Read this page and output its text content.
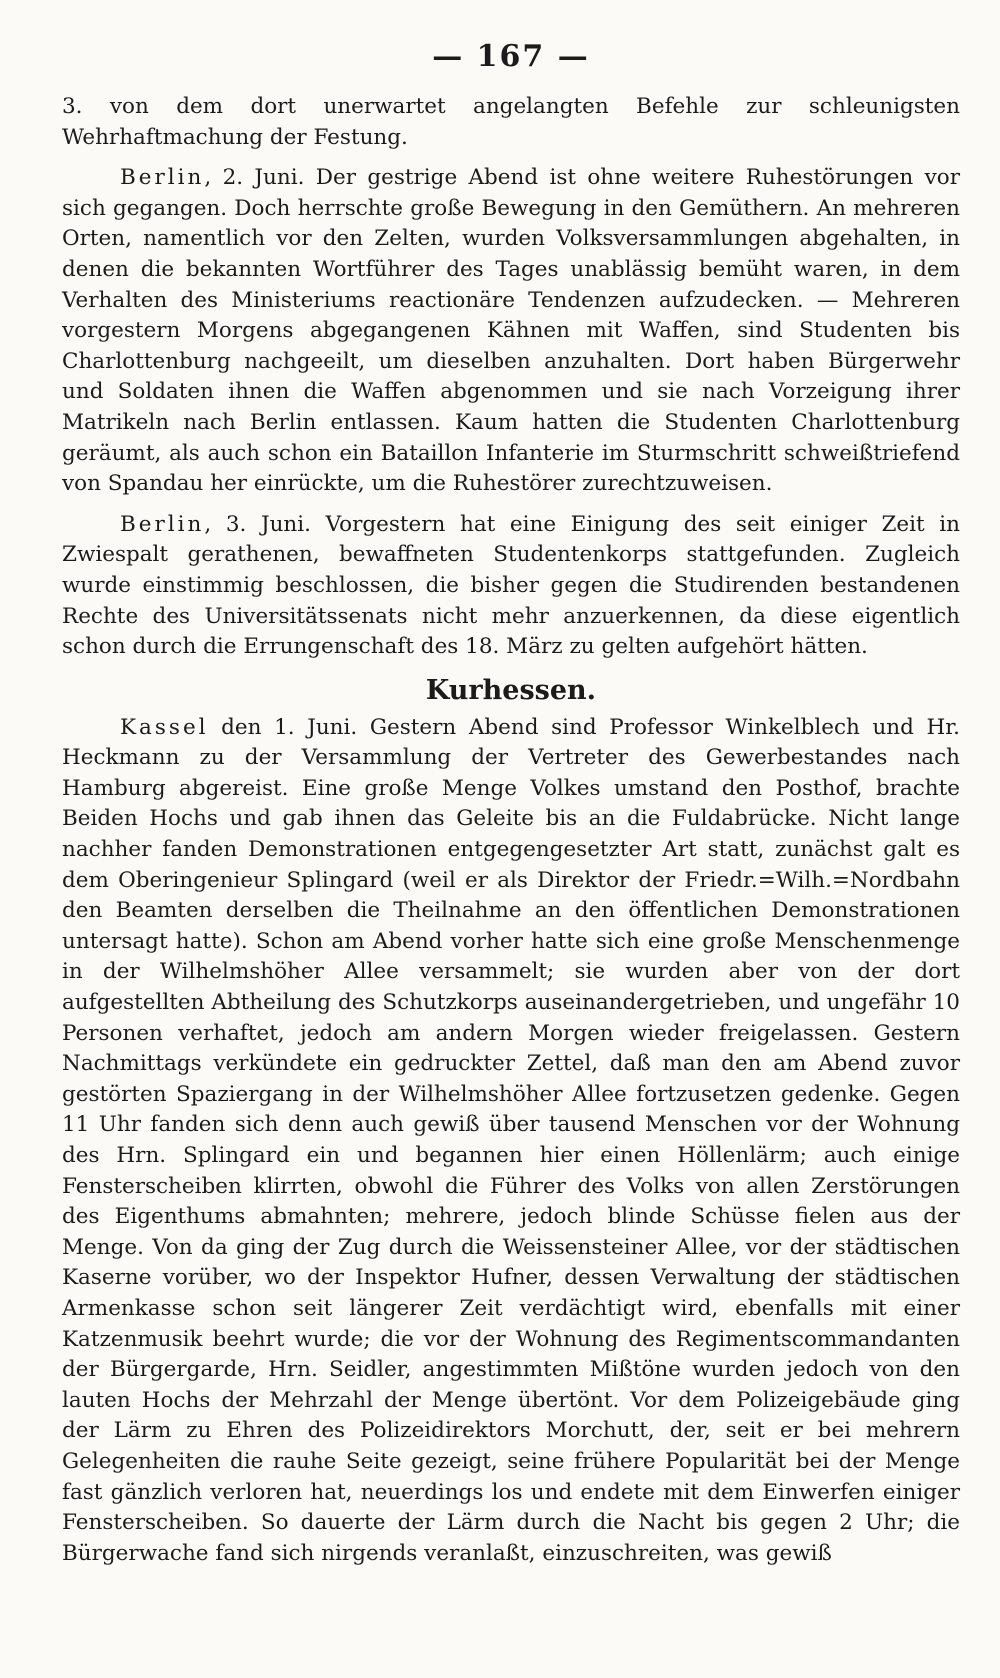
— 167 —

3. von dem dort unerwartet angelangten Befehle zur schleunigsten Wehrhaftmachung der Festung.

Berlin, 2. Juni. Der gestrige Abend ist ohne weitere Ruhestörungen vor sich gegangen. Doch herrschte große Bewegung in den Gemüthern. An mehreren Orten, namentlich vor den Zelten, wurden Volksversammlungen abgehalten, in denen die bekannten Wortführer des Tages unablässig bemüht waren, in dem Verhalten des Ministeriums reactionäre Tendenzen aufzudecken. — Mehreren vorgestern Morgens abgegangenen Kähnen mit Waffen, sind Studenten bis Charlottenburg nachgeeilt, um dieselben anzuhalten. Dort haben Bürgerwehr und Soldaten ihnen die Waffen abgenommen und sie nach Vorzeigung ihrer Matrikeln nach Berlin entlassen. Kaum hatten die Studenten Charlottenburg geräumt, als auch schon ein Bataillon Infanterie im Sturmschritt schweißtriefend von Spandau her einrückte, um die Ruhestörer zurechtzuweisen.

Berlin, 3. Juni. Vorgestern hat eine Einigung des seit einiger Zeit in Zwiespalt gerathenen, bewaffneten Studentenkorps stattgefunden. Zugleich wurde einstimmig beschlossen, die bisher gegen die Studirenden bestandenen Rechte des Universitätssenats nicht mehr anzuerkennen, da diese eigentlich schon durch die Errungenschaft des 18. März zu gelten aufgehört hätten.

Kurhessen.

Kassel den 1. Juni. Gestern Abend sind Professor Winkelblech und Hr. Heckmann zu der Versammlung der Vertreter des Gewerbestandes nach Hamburg abgereist. Eine große Menge Volkes umstand den Posthof, brachte Beiden Hochs und gab ihnen das Geleite bis an die Fuldabrücke. Nicht lange nachher fanden Demonstrationen entgegengesetzter Art statt, zunächst galt es dem Oberingenieur Splingard (weil er als Direktor der Friedr.=Wilh.=Nordbahn den Beamten derselben die Theilnahme an den öffentlichen Demonstrationen untersagt hatte). Schon am Abend vorher hatte sich eine große Menschenmenge in der Wilhelmshöher Allee versammelt; sie wurden aber von der dort aufgestellten Abtheilung des Schutzkorps auseinandergetrieben, und ungefähr 10 Personen verhaftet, jedoch am andern Morgen wieder freigelassen. Gestern Nachmittags verkündete ein gedruckter Zettel, daß man den am Abend zuvor gestörten Spaziergang in der Wilhelmshöher Allee fortzusetzen gedenke. Gegen 11 Uhr fanden sich denn auch gewiß über tausend Menschen vor der Wohnung des Hrn. Splingard ein und begannen hier einen Höllenlärm; auch einige Fensterscheiben klirrten, obwohl die Führer des Volks von allen Zerstörungen des Eigenthums abmahnten; mehrere, jedoch blinde Schüsse fielen aus der Menge. Von da ging der Zug durch die Weissensteiner Allee, vor der städtischen Kaserne vorüber, wo der Inspektor Hufner, dessen Verwaltung der städtischen Armenkasse schon seit längerer Zeit verdächtigt wird, ebenfalls mit einer Katzenmusik beehrt wurde; die vor der Wohnung des Regimentscommandanten der Bürgergarde, Hrn. Seidler, angestimmten Mißtöne wurden jedoch von den lauten Hochs der Mehrzahl der Menge übertönt. Vor dem Polizeigebäude ging der Lärm zu Ehren des Polizeidirektors Morchutt, der, seit er bei mehrern Gelegenheiten die rauhe Seite gezeigt, seine frühere Popularität bei der Menge fast gänzlich verloren hat, neuerdings los und endete mit dem Einwerfen einiger Fensterscheiben. So dauerte der Lärm durch die Nacht bis gegen 2 Uhr; die Bürgerwache fand sich nirgends veranlaßt, einzuschreiten, was gewiß
